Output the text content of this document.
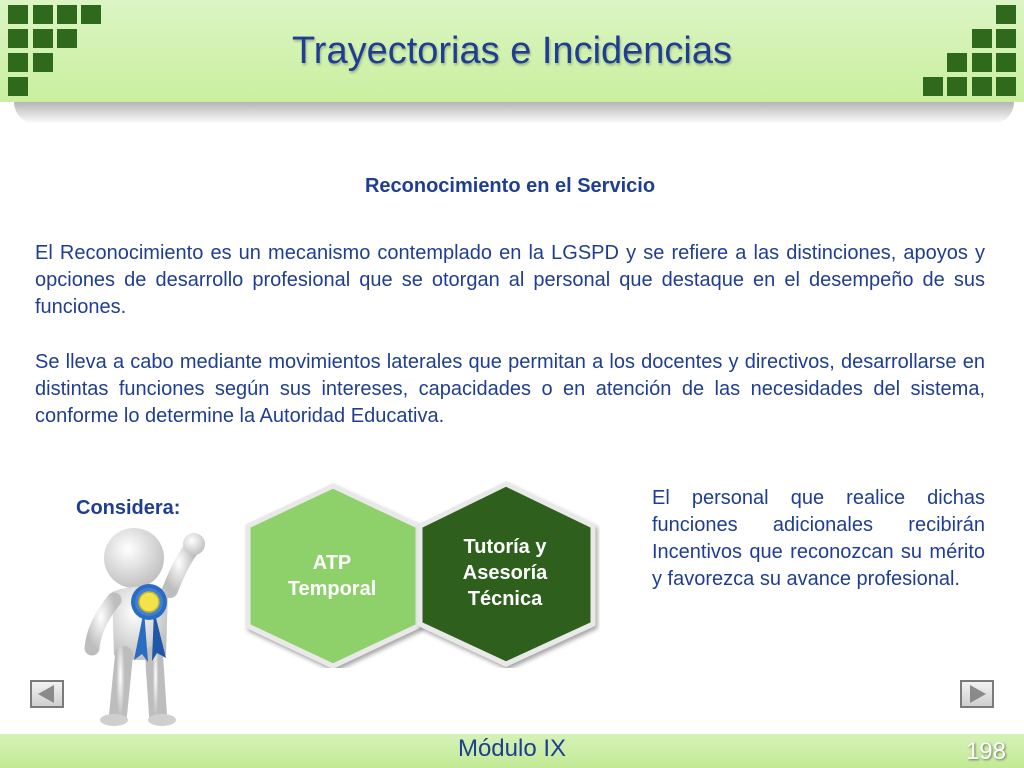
Trayectorias e Incidencias
Reconocimiento en el Servicio

El Reconocimiento es un mecanismo contemplado en la LGSPD y se refiere a las distinciones, apoyos y opciones de desarrollo profesional que se otorgan al personal que destaque en el desempeño de sus funciones.

Se lleva a cabo mediante movimientos laterales que permitan a los docentes y directivos, desarrollarse en distintas funciones según sus intereses, capacidades o en atención de las necesidades del sistema, conforme lo determine la Autoridad Educativa.

Considera:
ATP
Temporal
Tutoría y
Asesoría
Técnica

El personal que realice dichas funciones adicionales recibirán Incentivos que reconozcan su mérito y favorezca su avance profesional.

Módulo IX	198
